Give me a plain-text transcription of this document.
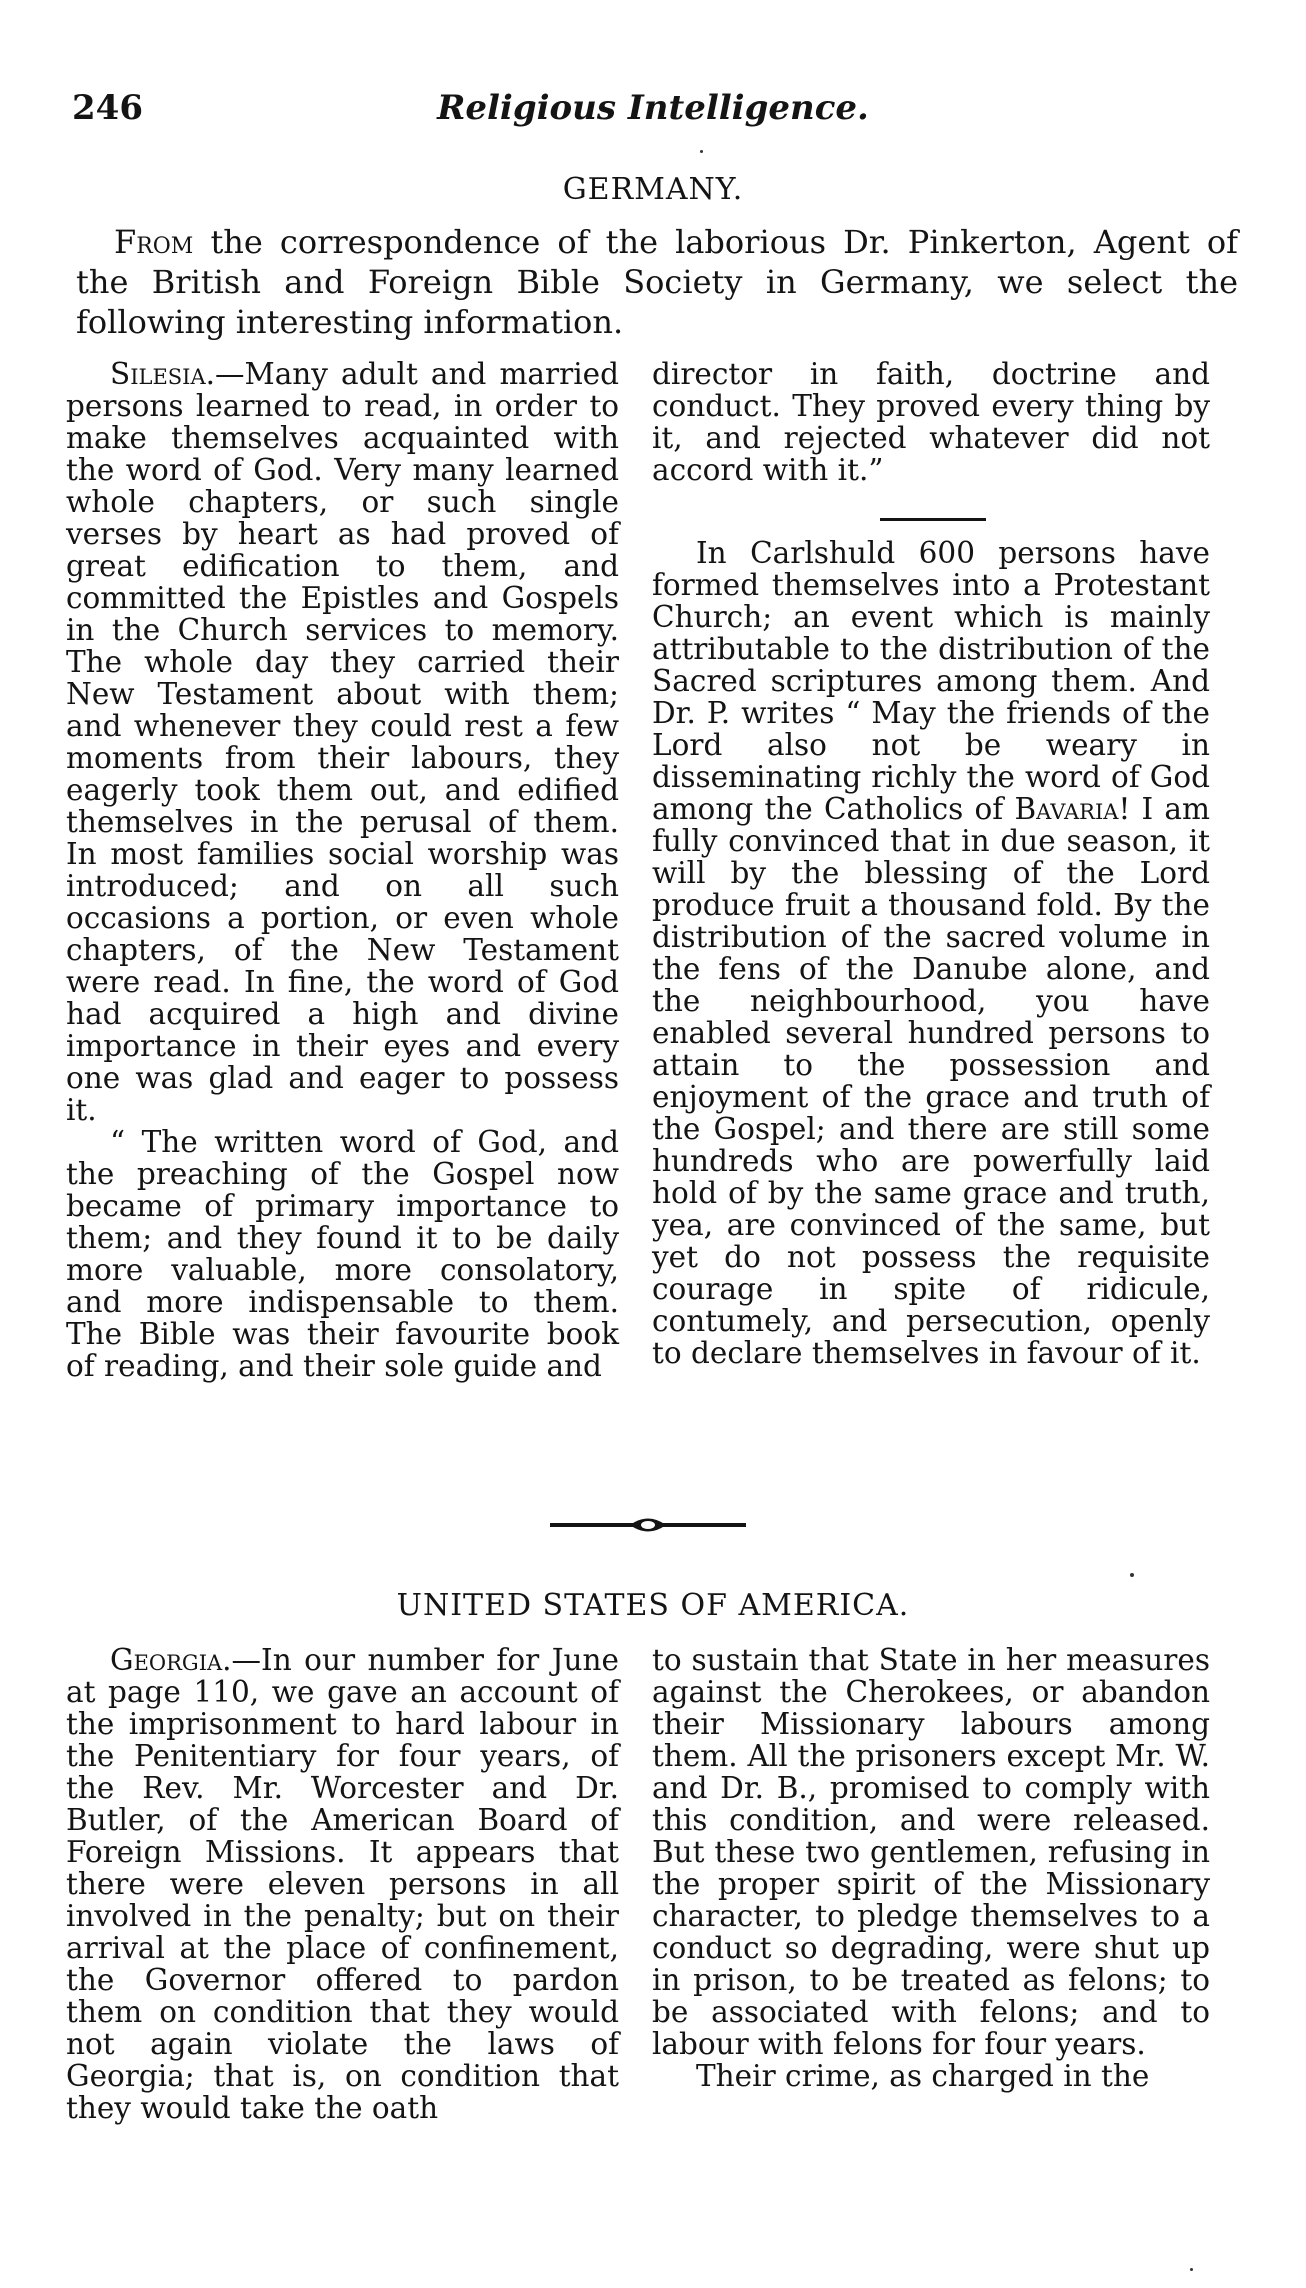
246	Religious Intelligence.
GERMANY.
From the correspondence of the laborious Dr. Pinkerton, Agent of the British and Foreign Bible Society in Germany, we select the following interesting information.

Silesia.—Many adult and married persons learned to read, in order to make themselves acquainted with the word of God. Very many learned whole chapters, or such single verses by heart as had proved of great edification to them, and committed the Epistles and Gospels in the Church services to memory. The whole day they carried their New Testament about with them; and whenever they could rest a few moments from their labours, they eagerly took them out, and edified themselves in the perusal of them. In most families social worship was introduced; and on all such occasions a portion, or even whole chapters, of the New Testament were read. In fine, the word of God had acquired a high and divine importance in their eyes and every one was glad and eager to possess it.

“ The written word of God, and the preaching of the Gospel now became of primary importance to them; and they found it to be daily more valuable, more consolatory, and more indispensable to them. The Bible was their favourite book of reading, and their sole guide and

director in faith, doctrine and conduct. They proved every thing by it, and rejected whatever did not accord with it.”

In Carlshuld 600 persons have formed themselves into a Protestant Church; an event which is mainly attributable to the distribution of the Sacred scriptures among them. And Dr. P. writes “ May the friends of the Lord also not be weary in disseminating richly the word of God among the Catholics of Bavaria! I am fully convinced that in due season, it will by the blessing of the Lord produce fruit a thousand fold. By the distribution of the sacred volume in the fens of the Danube alone, and the neighbourhood, you have enabled several hundred persons to attain to the possession and enjoyment of the grace and truth of the Gospel; and there are still some hundreds who are powerfully laid hold of by the same grace and truth, yea, are convinced of the same, but yet do not possess the requisite courage in spite of ridicule, contumely, and persecution, openly to declare themselves in favour of it.

UNITED STATES OF AMERICA.

Georgia.—In our number for June at page 110, we gave an account of the imprisonment to hard labour in the Penitentiary for four years, of the Rev. Mr. Worcester and Dr. Butler, of the American Board of Foreign Missions. It appears that there were eleven persons in all involved in the penalty; but on their arrival at the place of confinement, the Governor offered to pardon them on condition that they would not again violate the laws of Georgia; that is, on condition that they would take the oath

to sustain that State in her measures against the Cherokees, or abandon their Missionary labours among them. All the prisoners except Mr. W. and Dr. B., promised to comply with this condition, and were released. But these two gentlemen, refusing in the proper spirit of the Missionary character, to pledge themselves to a conduct so degrading, were shut up in prison, to be treated as felons; to be associated with felons; and to labour with felons for four years.

Their crime, as charged in the
